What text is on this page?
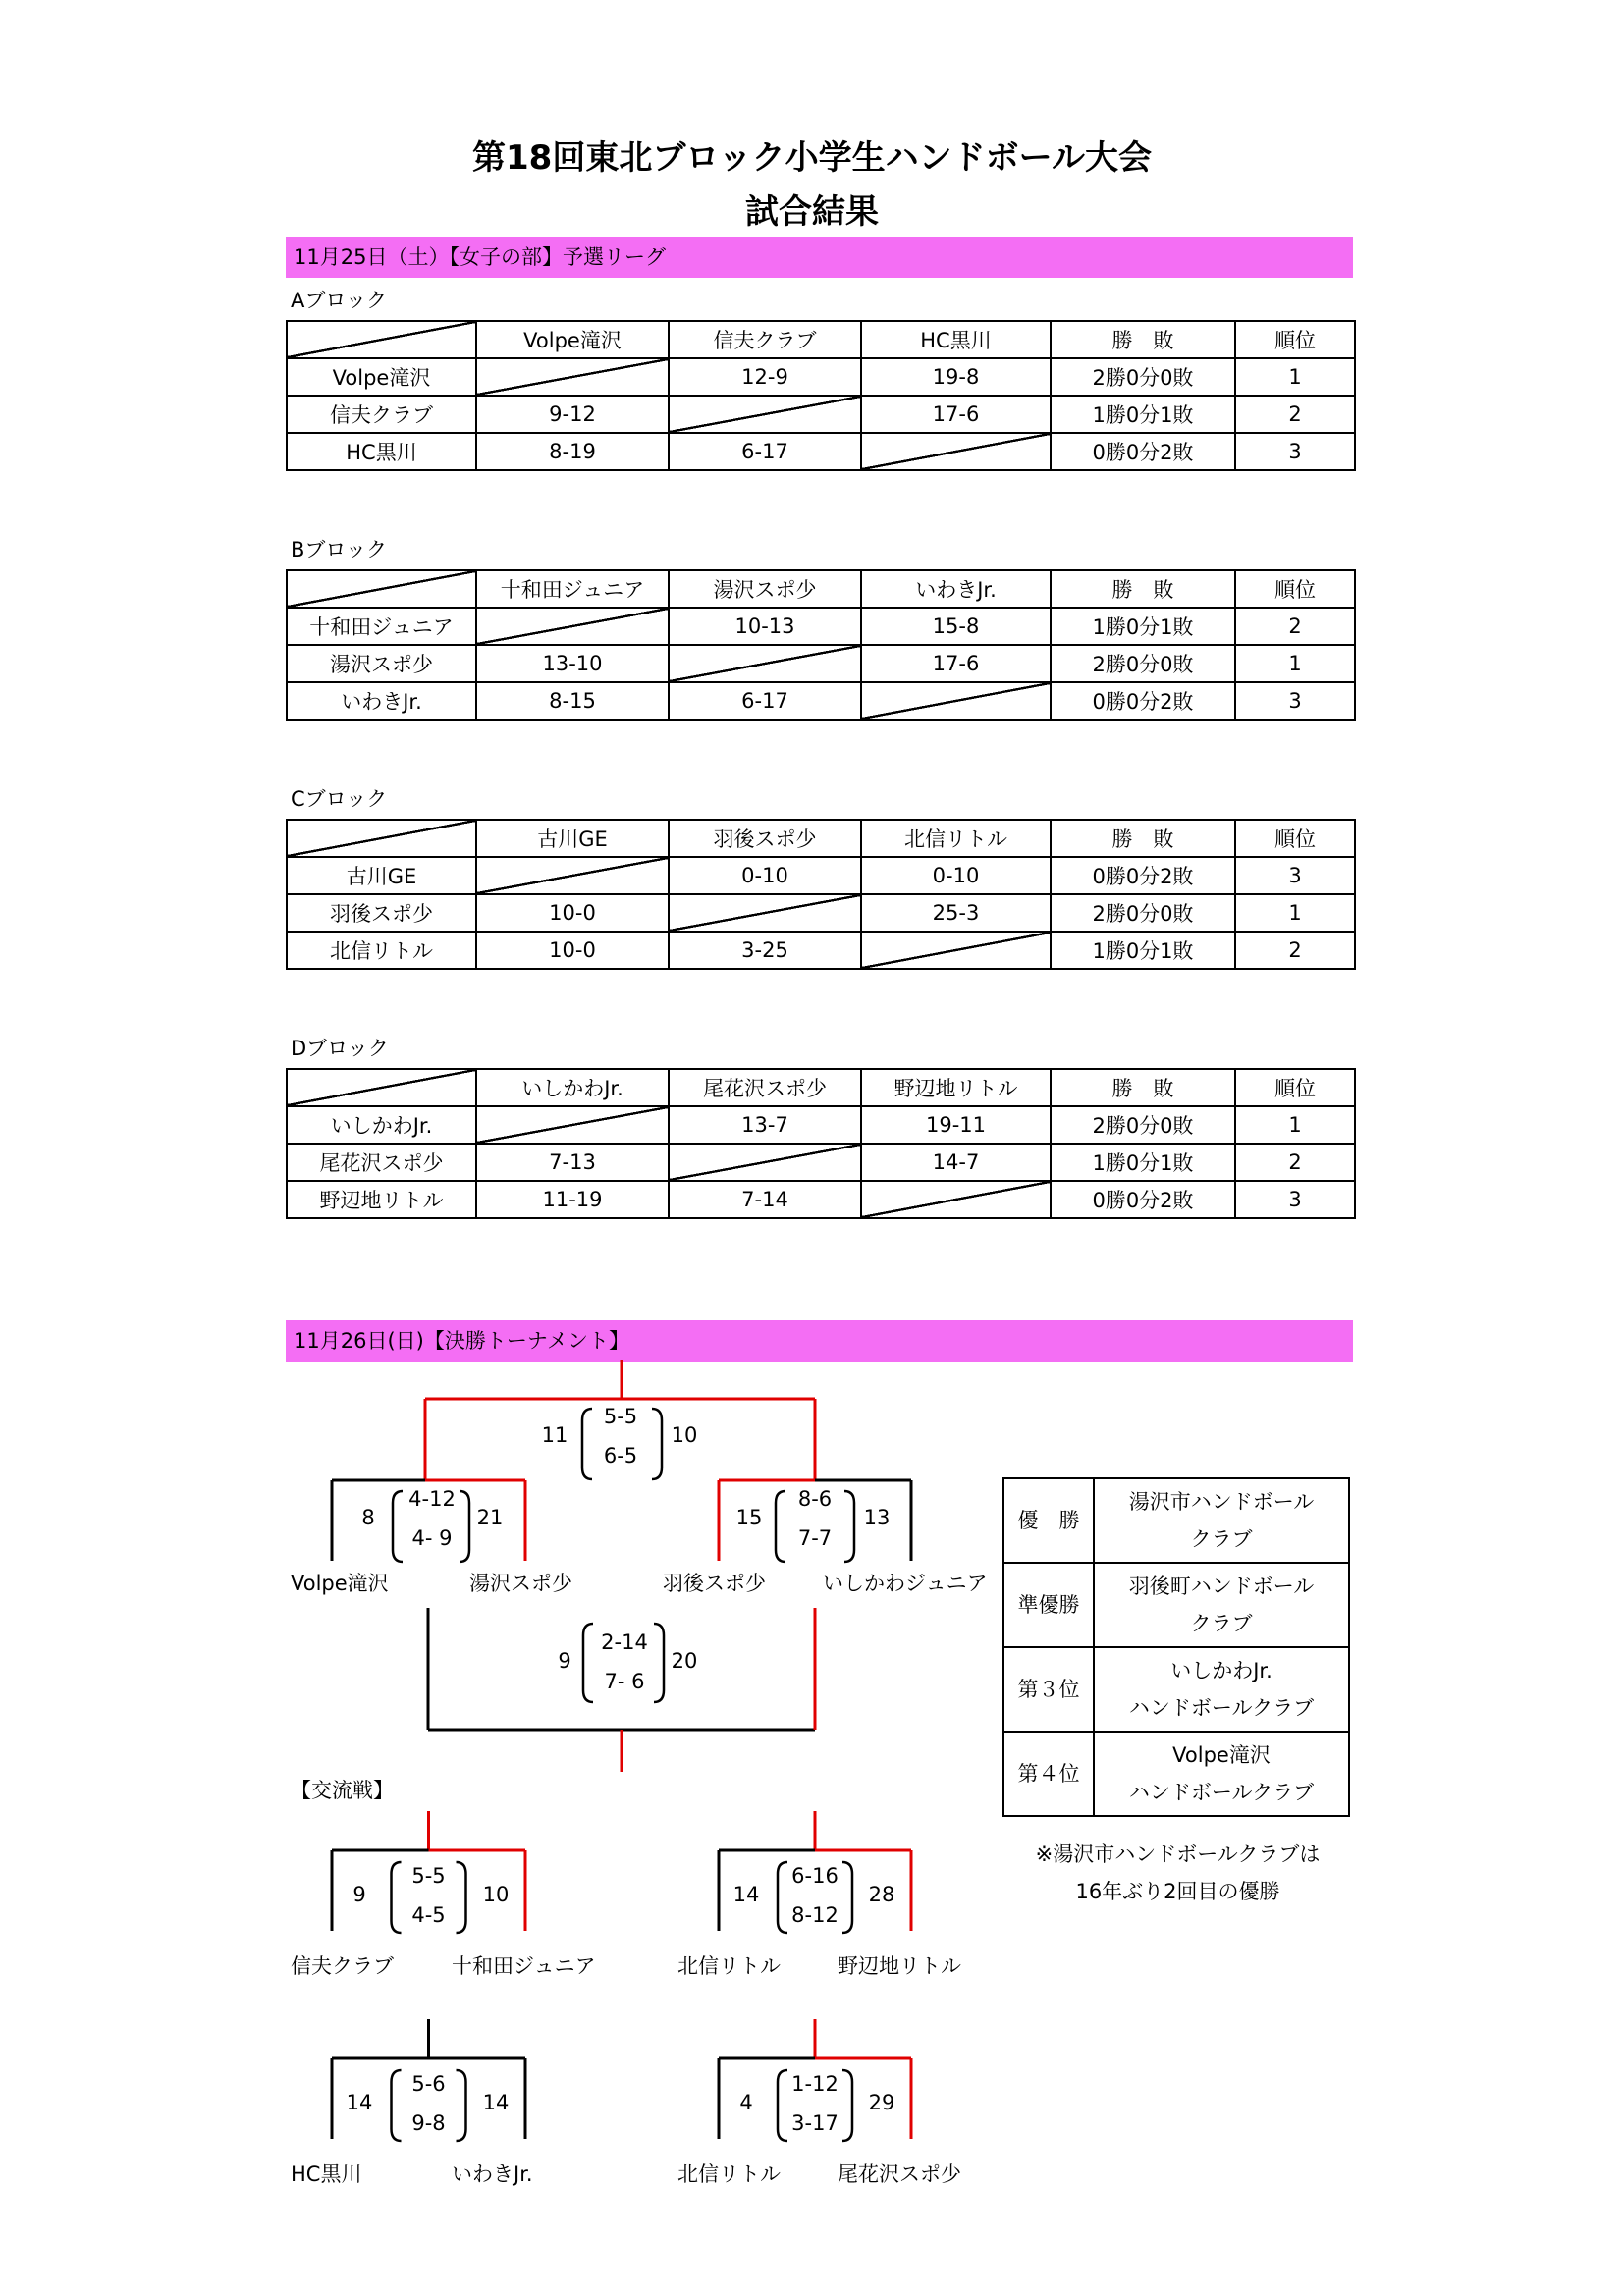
第18回東北ブロック小学生ハンドボール大会
試合結果
11月25日（土）【女子の部】予選リーグ
Aブロック
	Volpe滝沢	信夫クラブ	HC黒川	勝　敗	順位
Volpe滝沢		12-9	19-8	2勝0分0敗	1
信夫クラブ	9-12		17-6	1勝0分1敗	2
HC黒川	8-19	6-17		0勝0分2敗	3
Bブロック
	十和田ジュニア	湯沢スポ少	いわきJr.	勝　敗	順位
十和田ジュニア		10-13	15-8	1勝0分1敗	2
湯沢スポ少	13-10		17-6	2勝0分0敗	1
いわきJr.	8-15	6-17		0勝0分2敗	3
Cブロック
	古川GE	羽後スポ少	北信リトル	勝　敗	順位
古川GE		0-10	0-10	0勝0分2敗	3
羽後スポ少	10-0		25-3	2勝0分0敗	1
北信リトル	10-0	3-25		1勝0分1敗	2
Dブロック
	いしかわJr.	尾花沢スポ少	野辺地リトル	勝　敗	順位
いしかわJr.		13-7	19-11	2勝0分0敗	1
尾花沢スポ少	7-13		14-7	1勝0分1敗	2
野辺地リトル	11-19	7-14		0勝0分2敗	3
11月26日(日)【決勝トーナメント】
Volpe滝沢	湯沢スポ少	羽後スポ少	いしかわジュニア
8
4-12
4- 9
21	15
8-6
7-7
13
11
5-5
6-5
10
9
2-14
7- 6
20
【交流戦】
信夫クラブ	十和田ジュニア
9
5-5
4-5
10
北信リトル	野辺地リトル
14
6-16
8-12
28
HC黒川	いわきJr.
14
5-6
9-8
14
北信リトル	尾花沢スポ少
4
1-12
3-17
29
優　勝	湯沢市ハンドボール
クラブ

準優勝	羽後町ハンドボール
クラブ

第３位	いしかわJr.
ハンドボールクラブ

第４位	Volpe滝沢
ハンドボールクラブ
※湯沢市ハンドボールクラブは
16年ぶり2回目の優勝
